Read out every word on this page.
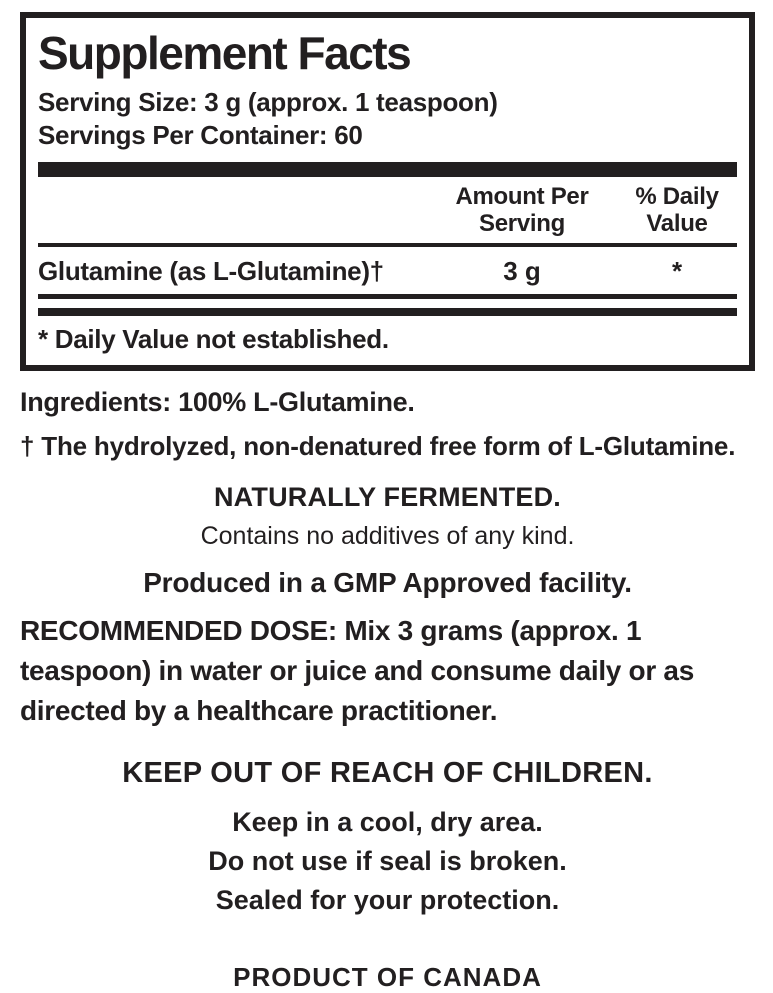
Supplement Facts
Serving Size: 3 g (approx. 1 teaspoon)
Servings Per Container: 60
Amount Per
Serving
% Daily
Value
Glutamine (as L-Glutamine)†	3 g	*
* Daily Value not established.
Ingredients: 100% L-Glutamine.
† The hydrolyzed, non-denatured free form of L-Glutamine.
NATURALLY FERMENTED.
Contains no additives of any kind.
Produced in a GMP Approved facility.
RECOMMENDED DOSE: Mix 3 grams (approx. 1 teaspoon) in water or juice and consume daily or as directed by a healthcare practitioner.
KEEP OUT OF REACH OF CHILDREN.
Keep in a cool, dry area.
Do not use if seal is broken.
Sealed for your protection.
PRODUCT OF CANADA
